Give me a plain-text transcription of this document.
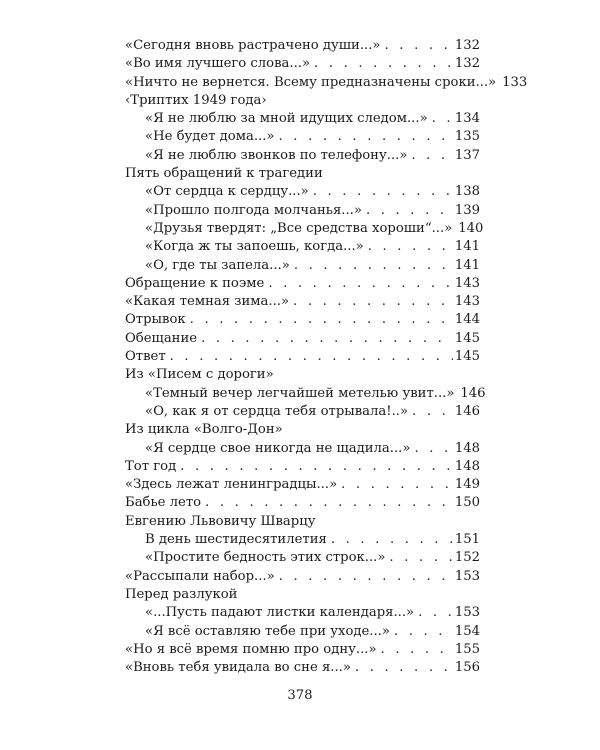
«Сегодня вновь растрачено души...» . . .	132
«Во имя лучшего слова...» . . .	132
«Ничто не вернется. Всему предназначены сроки...» 133
‹Триптих 1949 года›
«Я не люблю за мной идущих следом...» . . . 134
«Не будет дома...» . . .	135
«Я не люблю звонков по телефону...» . . .	137
Пять обращений к трагедии
«От сердца к сердцу...» . . .	138
«Прошло полгода молчанья...» . . .	139
«Друзья твердят: „Все средства хороши“...» 140
«Когда ж ты запоешь, когда...» . . .	141
«О, где ты запела...» . . .	141
Обращение к поэме . . .	143
«Какая темная зима...» . . .	143
Отрывок . . .	144
Обещание . . .	145
Ответ . . .	145
Из «Писем с дороги»
«Темный вечер легчайшей метелью увит...» 146
«О, как я от сердца тебя отрывала!..» . . .	146
Из цикла «Волго-Дон»
«Я сердце свое никогда не щадила...» . . .	148
Тот год . . .	148
«Здесь лежат ленинградцы...» . . .	149
Бабье лето . . .	150
Евгению Львовичу Шварцу
В день шестидесятилетия . . .	151
«Простите бедность этих строк...» . . .	152
«Рассыпали набор...» . . .	153
Перед разлукой
«...Пусть падают листки календаря...» . . .	153
«Я всё оставляю тебе при уходе...» . . .	154
«Но я всё время помню про одну...» . . .	155
«Вновь тебя увидала во сне я...» . . .	156
378
